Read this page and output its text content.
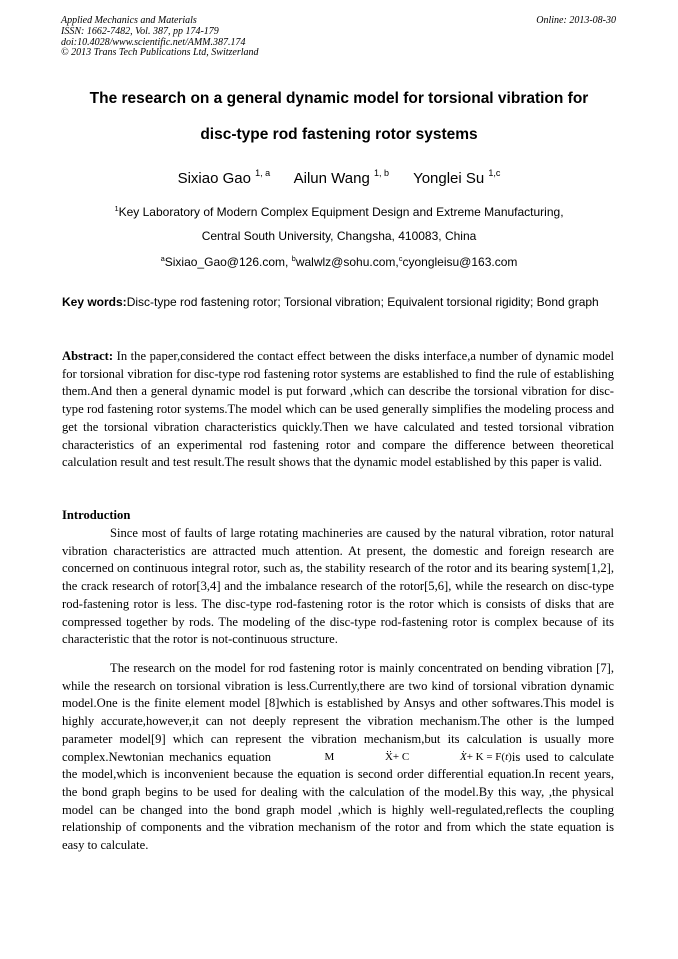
Applied Mechanics and Materials
ISSN: 1662-7482, Vol. 387, pp 174-179
doi:10.4028/www.scientific.net/AMM.387.174
© 2013 Trans Tech Publications Ltd, Switzerland
Online: 2013-08-30
The research on a general dynamic model for torsional vibration for
disc-type rod fastening rotor systems
Sixiao Gao $^{1, a}$ Ailun Wang $^{1, b}$ Yonglei Su $^{1,c}$
$^1$Key Laboratory of Modern Complex Equipment Design and Extreme Manufacturing,
Central South University, Changsha, 410083, China
$^a$Sixiao_Gao@126.com, $^b$walwlz@sohu.com,$^c$cyongleisu@163.com
Key words:Disc-type rod fastening rotor; Torsional vibration; Equivalent torsional rigidity; Bond graph
Abstract: In the paper,considered the contact effect between the disks interface,a number of dynamic model for torsional vibration for disc-type rod fastening rotor systems are established to find the rule of establishing them.And then a general dynamic model is put forward ,which can describe the torsional vibration for disc-type rod fastening rotor systems.The model which can be used generally simplifies the modeling process and get the torsional vibration characteristics quickly.Then we have calculated and tested torsional vibration characteristics of an experimental rod fastening rotor and compare the difference between theoretical calculation result and test result.The result shows that the dynamic model established by this paper is valid.
Introduction
Since most of faults of large rotating machineries are caused by the natural vibration, rotor natural vibration characteristics are attracted much attention. At present, the domestic and foreign research are concerned on continuous integral rotor, such as, the stability research of the rotor and its bearing system[1,2], the crack research of rotor[3,4] and the imbalance research of the rotor[5,6], while the research on disc-type rod-fastening rotor is less. The disc-type rod-fastening rotor is the rotor which is consists of disks that are compressed together by rods. The modeling of the disc-type rod-fastening rotor is complex because of its characteristic that the rotor is not-continuous structure.
The research on the model for rod fastening rotor is mainly concentrated on bending vibration [7], while the research on torsional vibration is less.Currently,there are two kind of torsional vibration dynamic model.One is the finite element model [8]which is established by Ansys and other softwares.This model is highly accurate,however,it can not deeply represent the vibration mechanism.The other is the lumped parameter model[9] which can represent the vibration mechanism,but its calculation is usually more complex.Newtonian mechanics equation	M	‥ X+ C	․ X+ K = F(t)is used to calculate the model,which is inconvenient because the equation is second order differential equation.In recent years, the bond graph begins to be used for dealing with the calculation of the model.By this way, ,the physical model can be changed into the bond graph model ,which is highly well-regulated,reflects the coupling relationship of components and the vibration mechanism of the rotor and from which the state equation is easy to calculate.
